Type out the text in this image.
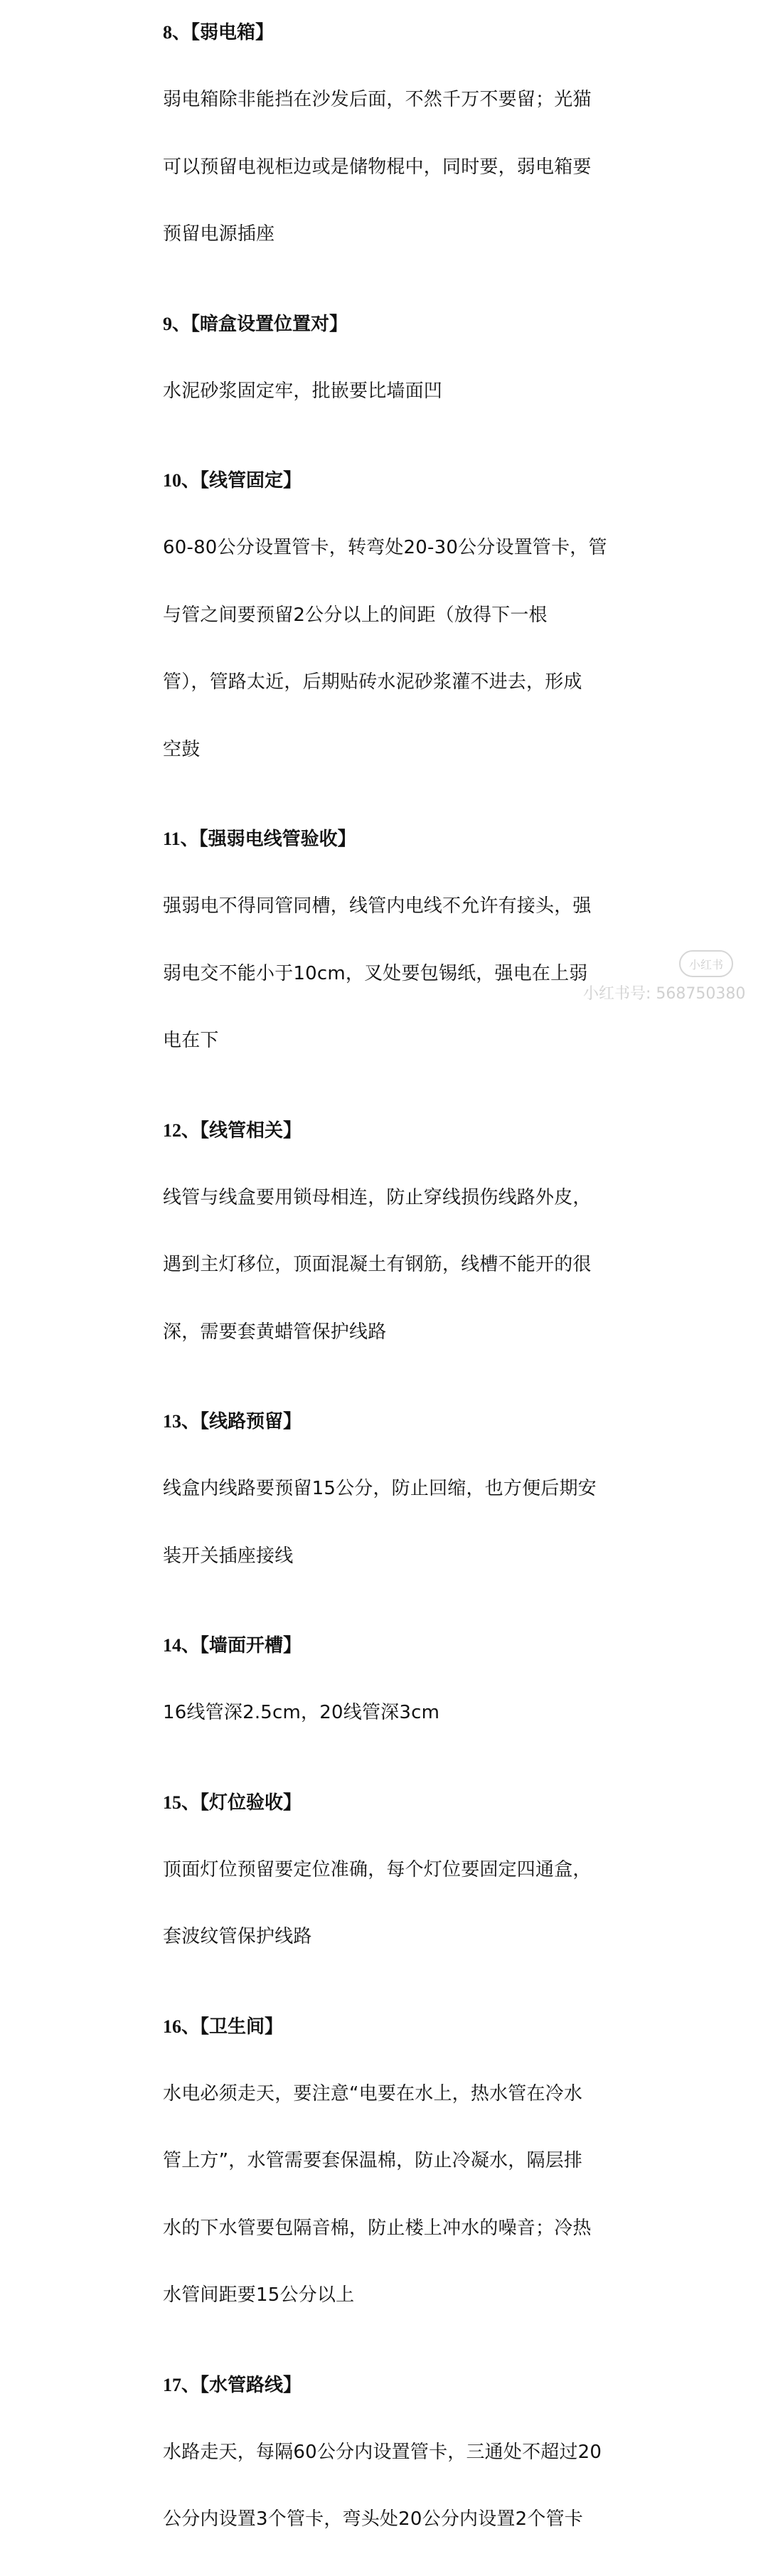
8、【弱电箱】

弱电箱除非能挡在沙发后面，不然千万不要留；光猫

可以预留电视柜边或是储物棍中，同时要，弱电箱要

预留电源插座

9、【暗盒设置位置对】

水泥砂浆固定牢，批嵌要比墙面凹

10、【线管固定】

60-80公分设置管卡，转弯处20-30公分设置管卡，管

与管之间要预留2公分以上的间距（放得下一根

管），管路太近，后期贴砖水泥砂浆灌不进去，形成

空鼓

11、【强弱电线管验收】

强弱电不得同管同槽，线管内电线不允许有接头，强

弱电交不能小于10cm，叉处要包锡纸，强电在上弱

电在下

12、【线管相关】

线管与线盒要用锁母相连，防止穿线损伤线路外皮，

遇到主灯移位，顶面混凝土有钢筋，线槽不能开的很

深，需要套黄蜡管保护线路

13、【线路预留】

线盒内线路要预留15公分，防止回缩，也方便后期安

装开关插座接线

14、【墙面开槽】

16线管深2.5cm，20线管深3cm

15、【灯位验收】

顶面灯位预留要定位准确，每个灯位要固定四通盒，

套波纹管保护线路

16、【卫生间】

水电必须走天，要注意“电要在水上，热水管在冷水

管上方”，水管需要套保温棉，防止冷凝水，隔层排

水的下水管要包隔音棉，防止楼上冲水的噪音；冷热

水管间距要15公分以上

17、【水管路线】

水路走天，每隔60公分内设置管卡，三通处不超过20

公分内设置3个管卡，弯头处20公分内设置2个管卡

小红书
小红书号: 568750380
